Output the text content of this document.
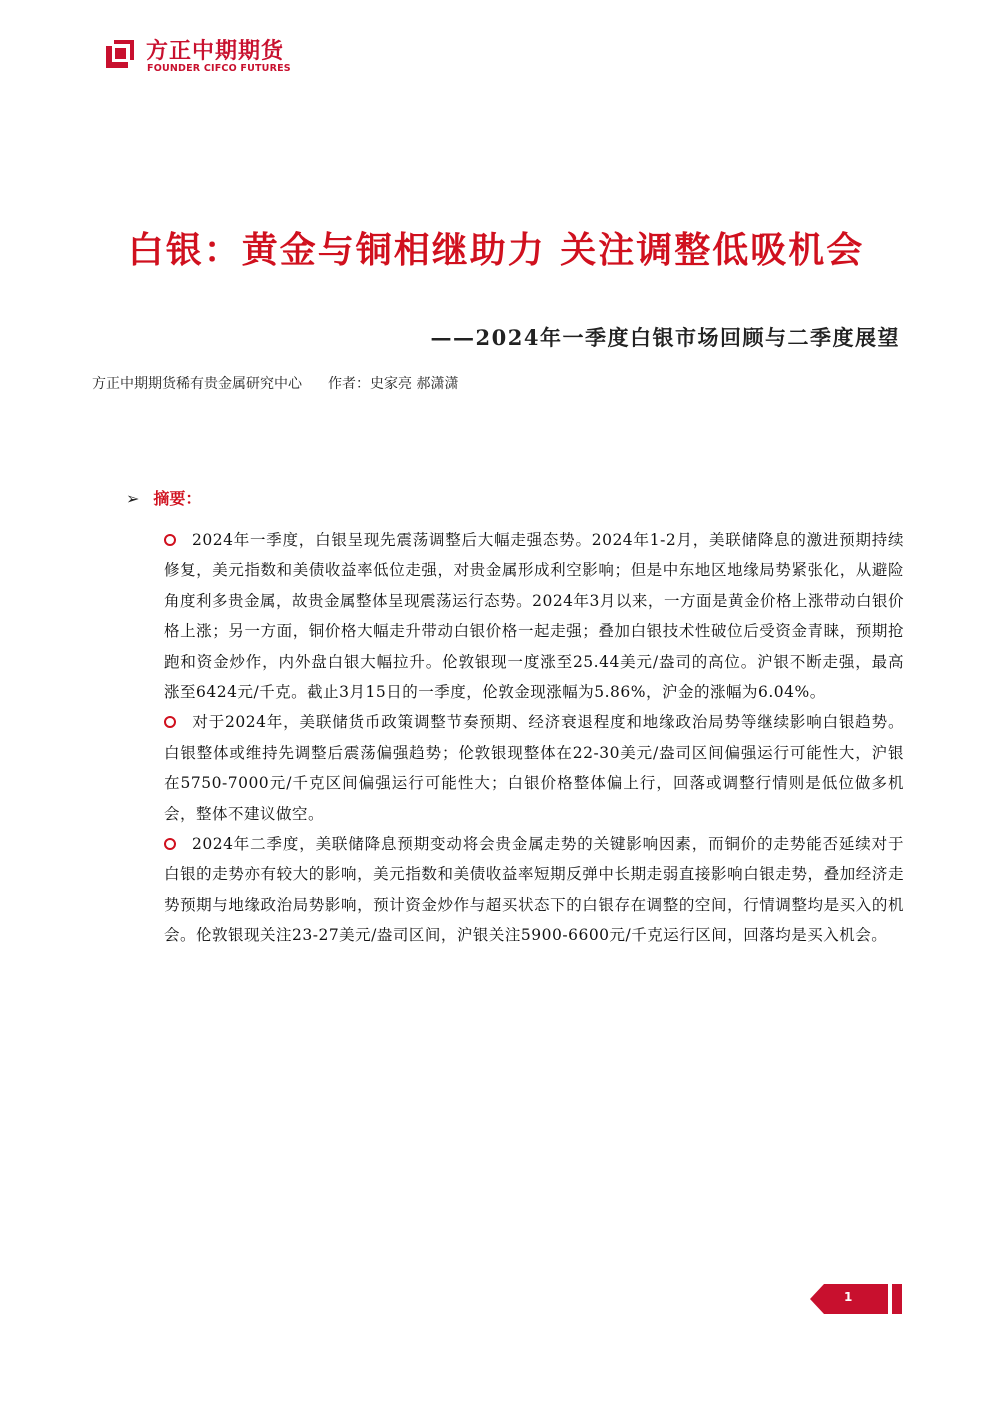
方正中期期货
FOUNDER CIFCO FUTURES
白银：黄金与铜相继助力 关注调整低吸机会
——2024年一季度白银市场回顾与二季度展望
方正中期期货稀有贵金属研究中心 作者：史家亮 郝潇潇
➢ 摘要：

2024年一季度，白银呈现先震荡调整后大幅走强态势。2024年1-2月，美联储降息的激进预期持续修复，美元指数和美债收益率低位走强，对贵金属形成利空影响；但是中东地区地缘局势紧张化，从避险角度利多贵金属，故贵金属整体呈现震荡运行态势。2024年3月以来，一方面是黄金价格上涨带动白银价格上涨；另一方面，铜价格大幅走升带动白银价格一起走强；叠加白银技术性破位后受资金青睐，预期抢跑和资金炒作，内外盘白银大幅拉升。伦敦银现一度涨至25.44美元/盎司的高位。沪银不断走强，最高涨至6424元/千克。截止3月15日的一季度，伦敦金现涨幅为5.86%，沪金的涨幅为6.04%。

对于2024年，美联储货币政策调整节奏预期、经济衰退程度和地缘政治局势等继续影响白银趋势。白银整体或维持先调整后震荡偏强趋势；伦敦银现整体在22-30美元/盎司区间偏强运行可能性大，沪银在5750-7000元/千克区间偏强运行可能性大；白银价格整体偏上行，回落或调整行情则是低位做多机会，整体不建议做空。

2024年二季度，美联储降息预期变动将会贵金属走势的关键影响因素，而铜价的走势能否延续对于白银的走势亦有较大的影响，美元指数和美债收益率短期反弹中长期走弱直接影响白银走势，叠加经济走势预期与地缘政治局势影响，预计资金炒作与超买状态下的白银存在调整的空间，行情调整均是买入的机会。伦敦银现关注23-27美元/盎司区间，沪银关注5900-6600元/千克运行区间，回落均是买入机会。

1
